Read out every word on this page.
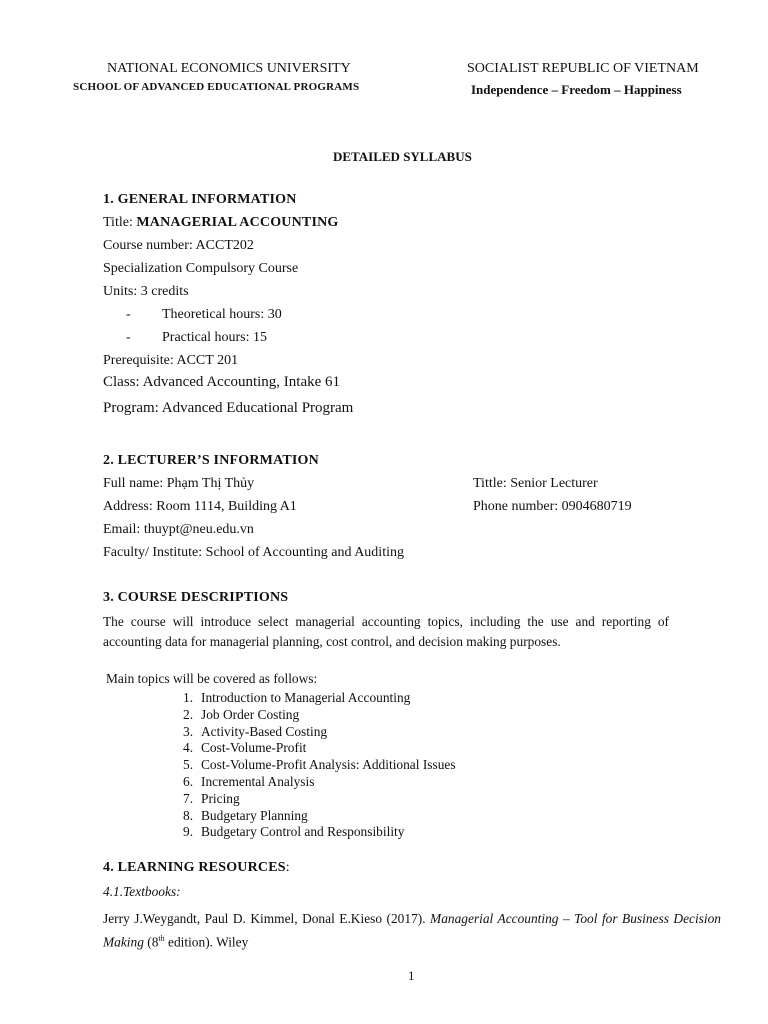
NATIONAL ECONOMICS UNIVERSITY
SCHOOL OF ADVANCED EDUCATIONAL PROGRAMS
SOCIALIST REPUBLIC OF VIETNAM
Independence – Freedom – Happiness
DETAILED SYLLABUS
1. GENERAL INFORMATION
Title: MANAGERIAL ACCOUNTING
Course number: ACCT202
Specialization Compulsory Course
Units: 3 credits
- Theoretical hours: 30
- Practical hours: 15
Prerequisite: ACCT 201
Class: Advanced Accounting, Intake 61
Program: Advanced Educational Program
2. LECTURER’S INFORMATION
Full name: Phạm Thị Thủy	Tittle: Senior Lecturer
Address: Room 1114, Building A1	Phone number: 0904680719
Email: thuypt@neu.edu.vn
Faculty/ Institute: School of Accounting and Auditing
3. COURSE DESCRIPTIONS
The course will introduce select managerial accounting topics, including the use and reporting of accounting data for managerial planning, cost control, and decision making purposes.
Main topics will be covered as follows:
1. Introduction to Managerial Accounting
2. Job Order Costing
3. Activity-Based Costing
4. Cost-Volume-Profit
5. Cost-Volume-Profit Analysis: Additional Issues
6. Incremental Analysis
7. Pricing
8. Budgetary Planning
9. Budgetary Control and Responsibility
4. LEARNING RESOURCES:
4.1.Textbooks:
Jerry J.Weygandt, Paul D. Kimmel, Donal E.Kieso (2017). Managerial Accounting – Tool for Business Decision Making (8th edition). Wiley
1
